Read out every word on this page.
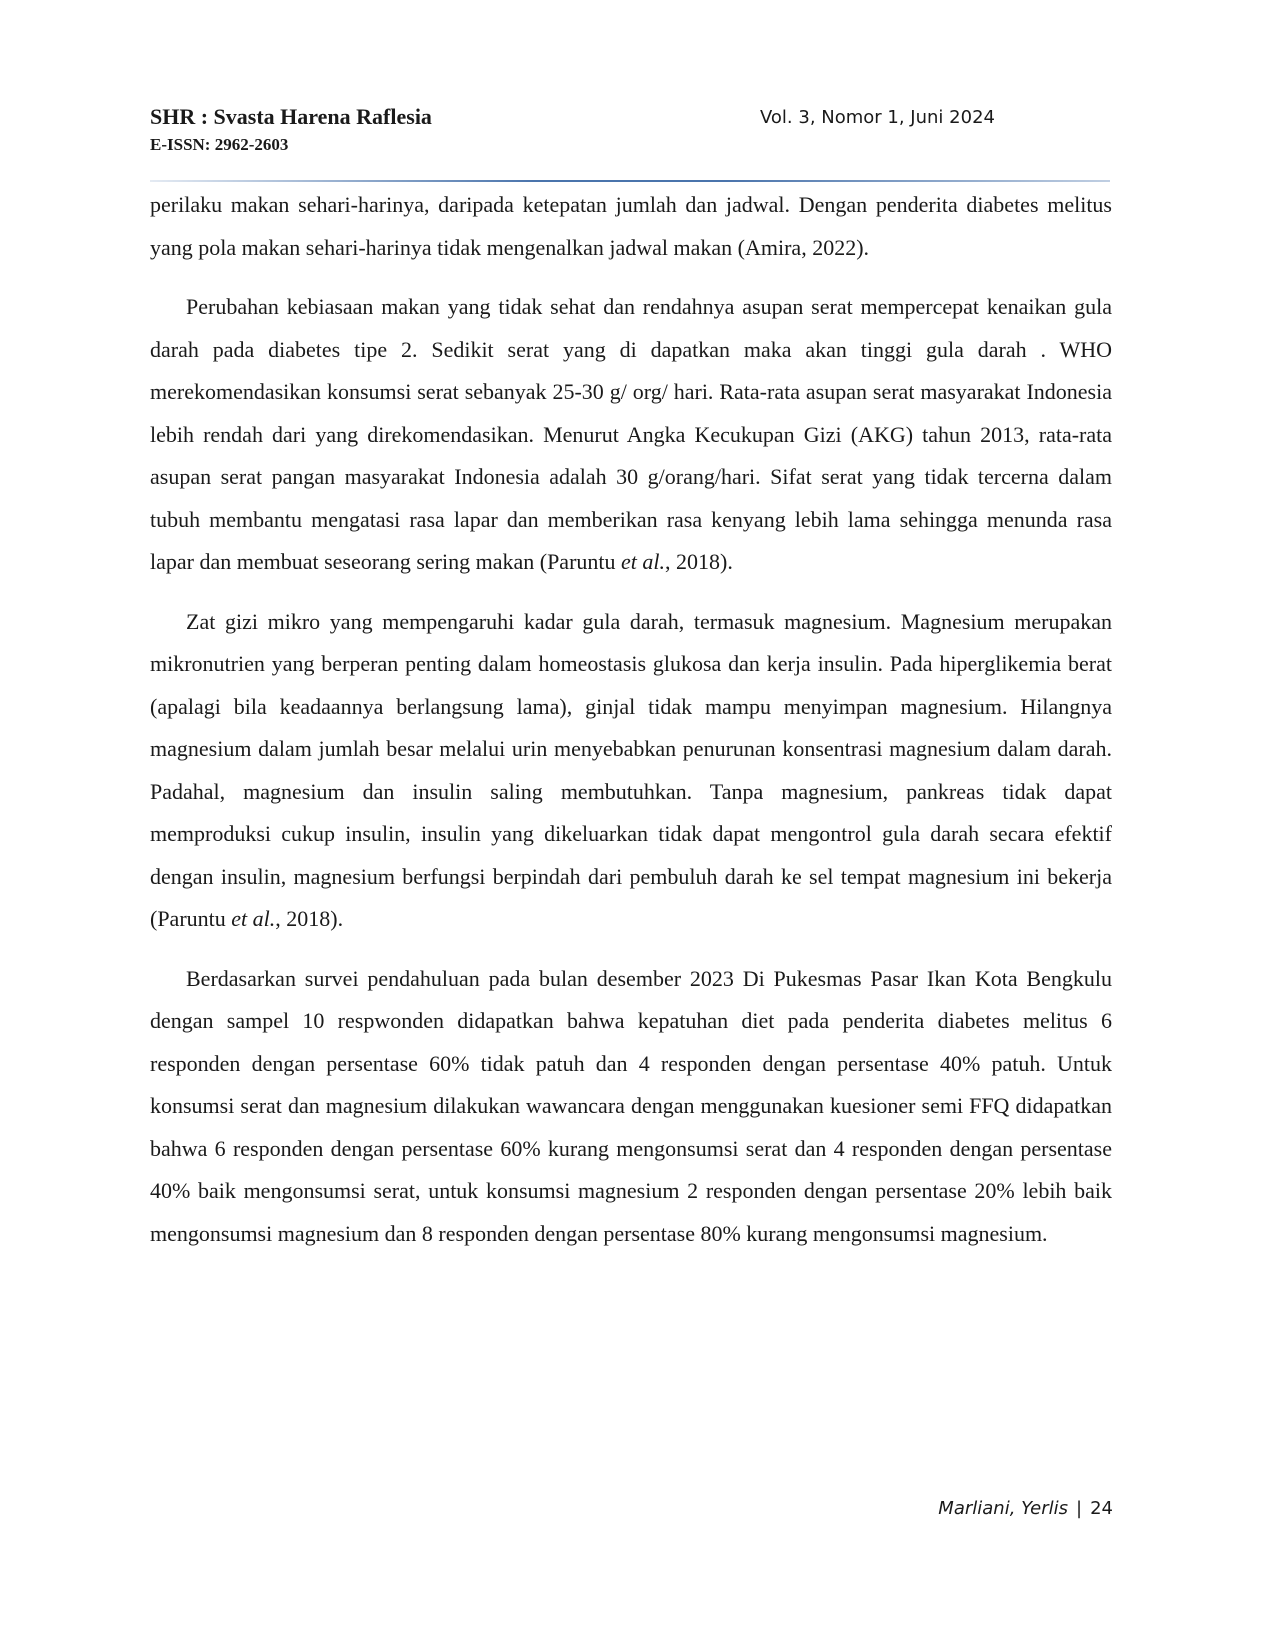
SHR : Svasta Harena Raflesia
E-ISSN: 2962-2603
Vol. 3, Nomor 1, Juni 2024

perilaku makan sehari-harinya, daripada ketepatan jumlah dan jadwal. Dengan penderita diabetes melitus yang pola makan sehari-harinya tidak mengenalkan jadwal makan (Amira, 2022).

Perubahan kebiasaan makan yang tidak sehat dan rendahnya asupan serat mempercepat kenaikan gula darah pada diabetes tipe 2. Sedikit serat yang di dapatkan maka akan tinggi gula darah . WHO merekomendasikan konsumsi serat sebanyak 25-30 g/ org/ hari. Rata-rata asupan serat masyarakat Indonesia lebih rendah dari yang direkomendasikan. Menurut Angka Kecukupan Gizi (AKG) tahun 2013, rata-rata asupan serat pangan masyarakat Indonesia adalah 30 g/orang/hari. Sifat serat yang tidak tercerna dalam tubuh membantu mengatasi rasa lapar dan memberikan rasa kenyang lebih lama sehingga menunda rasa lapar dan membuat seseorang sering makan (Paruntu et al., 2018).

Zat gizi mikro yang mempengaruhi kadar gula darah, termasuk magnesium. Magnesium merupakan mikronutrien yang berperan penting dalam homeostasis glukosa dan kerja insulin. Pada hiperglikemia berat (apalagi bila keadaannya berlangsung lama), ginjal tidak mampu menyimpan magnesium. Hilangnya magnesium dalam jumlah besar melalui urin menyebabkan penurunan konsentrasi magnesium dalam darah. Padahal, magnesium dan insulin saling membutuhkan. Tanpa magnesium, pankreas tidak dapat memproduksi cukup insulin, insulin yang dikeluarkan tidak dapat mengontrol gula darah secara efektif dengan insulin, magnesium berfungsi berpindah dari pembuluh darah ke sel tempat magnesium ini bekerja (Paruntu et al., 2018).

Berdasarkan survei pendahuluan pada bulan desember 2023 Di Pukesmas Pasar Ikan Kota Bengkulu dengan sampel 10 respwonden didapatkan bahwa kepatuhan diet pada penderita diabetes melitus 6 responden dengan persentase 60% tidak patuh dan 4 responden dengan persentase 40% patuh. Untuk konsumsi serat dan magnesium dilakukan wawancara dengan menggunakan kuesioner semi FFQ didapatkan bahwa 6 responden dengan persentase 60% kurang mengonsumsi serat dan 4 responden dengan persentase 40% baik mengonsumsi serat, untuk konsumsi magnesium 2 responden dengan persentase 20% lebih baik mengonsumsi magnesium dan 8 responden dengan persentase 80% kurang mengonsumsi magnesium.

Marliani, Yerlis | 24
